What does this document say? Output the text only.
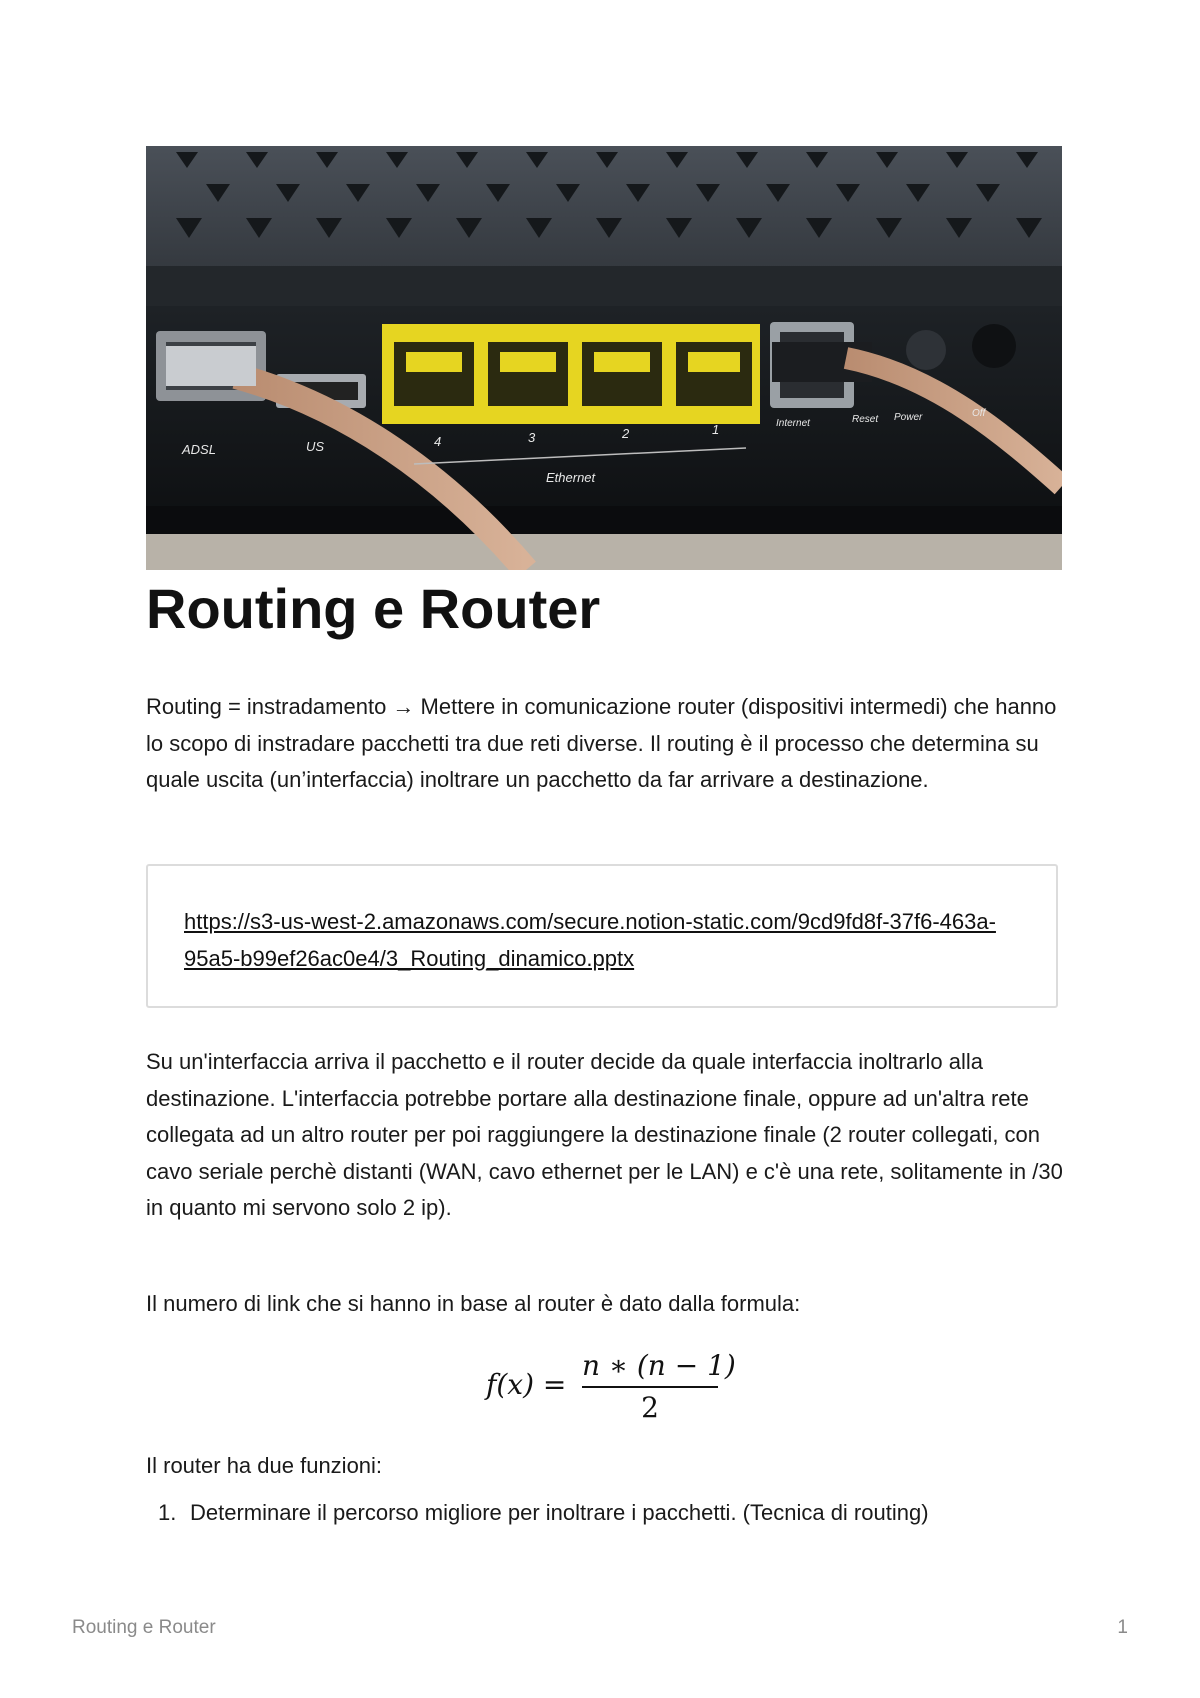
ADSL	US	4	3	2	1
Ethernet
Internet	Reset Power	Off
Routing e Router

Routing = instradamento → Mettere in comunicazione router (dispositivi intermedi) che hanno lo scopo di instradare pacchetti tra due reti diverse. Il routing è il processo che determina su quale uscita (un’interfaccia) inoltrare un pacchetto da far arrivare a destinazione.

https://s3-us-west-2.amazonaws.com/secure.notion-static.com/9cd9fd8f-37f6-463a-95a5-b99ef26ac0e4/3_Routing_dinamico.pptx

Su un'interfaccia arriva il pacchetto e il router decide da quale interfaccia inoltrarlo alla destinazione. L'interfaccia potrebbe portare alla destinazione finale, oppure ad un'altra rete collegata ad un altro router per poi raggiungere la destinazione finale (2 router collegati, con cavo seriale perchè distanti (WAN, cavo ethernet per le LAN) e c'è una rete, solitamente in /30 in quanto mi servono solo 2 ip).

Il numero di link che si hanno in base al router è dato dalla formula:

f(x) =
n ∗ (n − 1)
2

Il router ha due funzioni:

1. Determinare il percorso migliore per inoltrare i pacchetti. (Tecnica di routing)
Routing e Router	1
